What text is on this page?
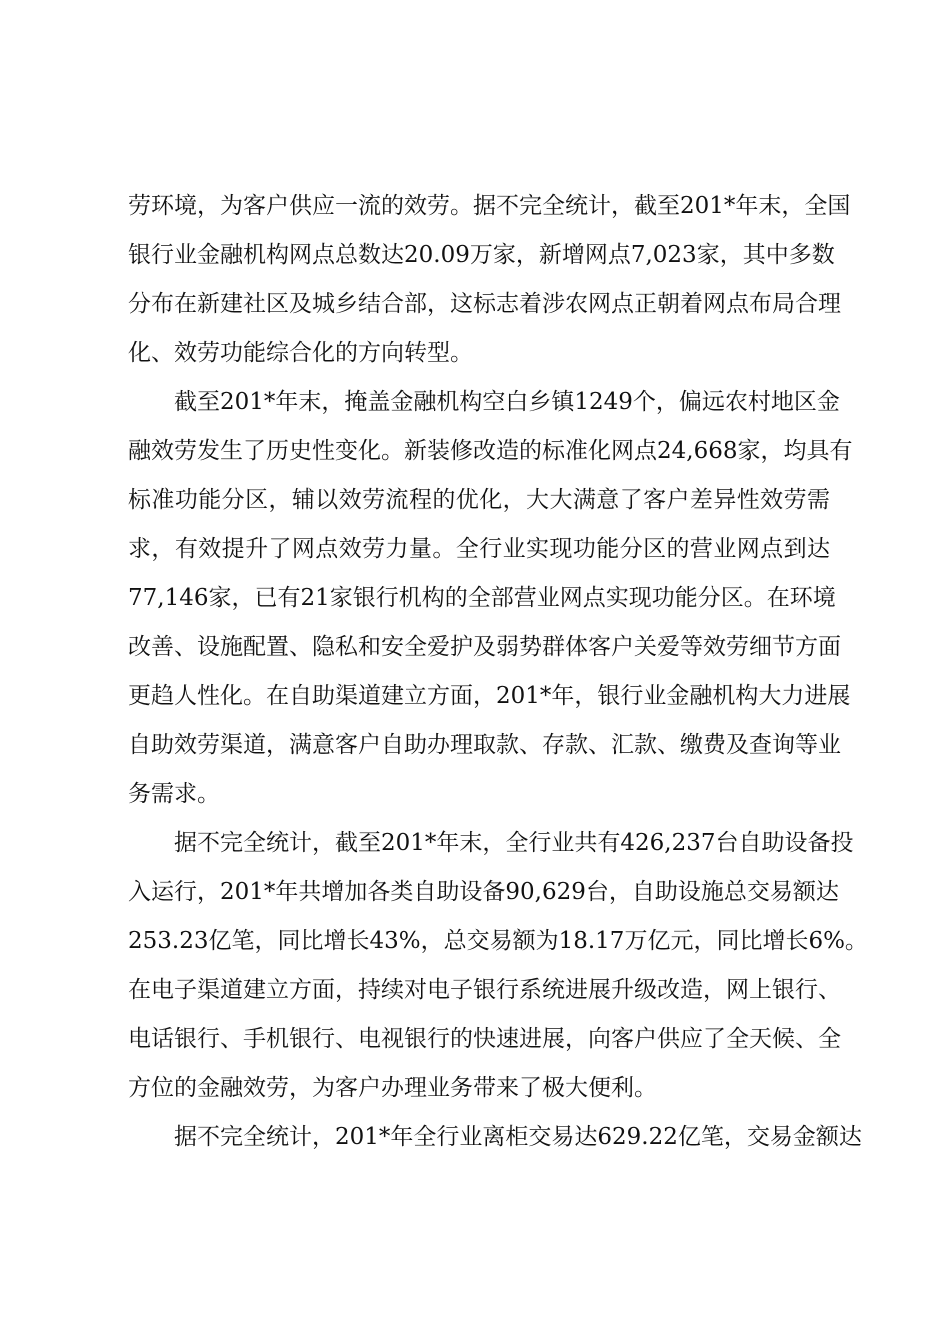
劳环境，为客户供应一流的效劳。据不完全统计，截至201*年末，全国
银行业金融机构网点总数达20.09万家，新增网点7,023家，其中多数
分布在新建社区及城乡结合部，这标志着涉农网点正朝着网点布局合理
化、效劳功能综合化的方向转型。
截至201*年末，掩盖金融机构空白乡镇1249个，偏远农村地区金
融效劳发生了历史性变化。新装修改造的标准化网点24,668家，均具有
标准功能分区，辅以效劳流程的优化，大大满意了客户差异性效劳需
求，有效提升了网点效劳力量。全行业实现功能分区的营业网点到达
77,146家，已有21家银行机构的全部营业网点实现功能分区。在环境
改善、设施配置、隐私和安全爱护及弱势群体客户关爱等效劳细节方面
更趋人性化。在自助渠道建立方面，201*年，银行业金融机构大力进展
自助效劳渠道，满意客户自助办理取款、存款、汇款、缴费及查询等业
务需求。
据不完全统计，截至201*年末，全行业共有426,237台自助设备投
入运行，201*年共增加各类自助设备90,629台，自助设施总交易额达
253.23亿笔，同比增长43%，总交易额为18.17万亿元，同比增长6%。
在电子渠道建立方面，持续对电子银行系统进展升级改造，网上银行、
电话银行、手机银行、电视银行的快速进展，向客户供应了全天候、全
方位的金融效劳，为客户办理业务带来了极大便利。
据不完全统计，201*年全行业离柜交易达629.22亿笔，交易金额达
